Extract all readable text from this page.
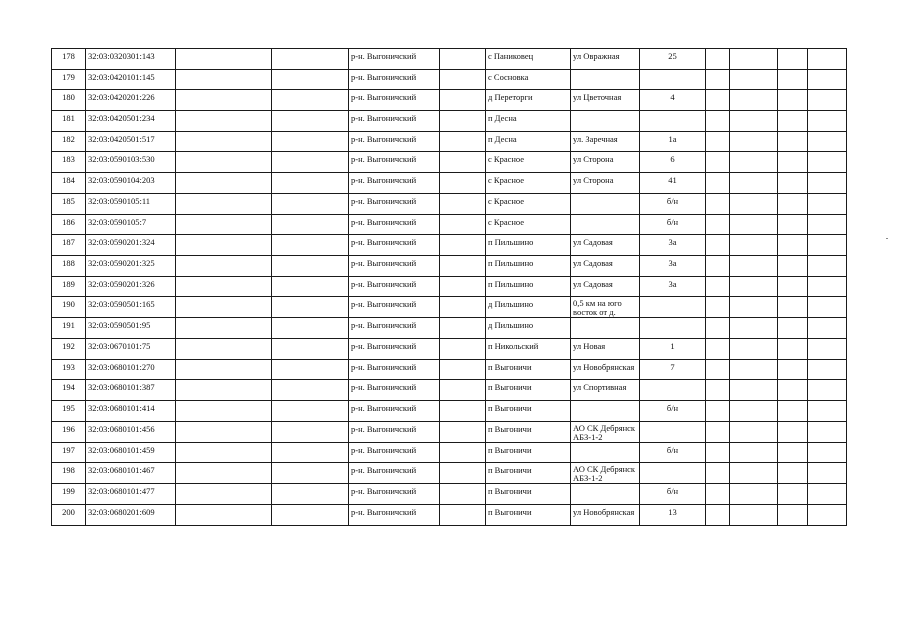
178	32:03:0320301:143			р-н. Выгоничский		с Паниковец	ул Овражная	25				
179	32:03:0420101:145			р-н. Выгоничский		с Сосновка						
180	32:03:0420201:226			р-н. Выгоничский		д Переторги	ул Цветочная	4				
181	32:03:0420501:234			р-н. Выгоничский		п Десна						
182	32:03:0420501:517			р-н. Выгоничский		п Десна	ул. Заречная	1а				
183	32:03:0590103:530			р-н. Выгоничский		с Красное	ул Сторона	6				
184	32:03:0590104:203			р-н. Выгоничский		с Красное	ул Сторона	41				
185	32:03:0590105:11			р-н. Выгоничский		с Красное		б/н				
186	32:03:0590105:7			р-н. Выгоничский		с Красное		б/н				
187	32:03:0590201:324			р-н. Выгоничский		п Пильшино	ул Садовая	3а				
188	32:03:0590201:325			р-н. Выгоничский		п Пильшино	ул Садовая	3а				
189	32:03:0590201:326			р-н. Выгоничский		п Пильшино	ул Садовая	3а				
190	32:03:0590501:165			р-н. Выгоничский		д Пильшино	0,5 км на юго восток от д.					
191	32:03:0590501:95			р-н. Выгоничский		д Пильшино						
192	32:03:0670101:75			р-н. Выгоничский		п Никольский	ул Новая	1				
193	32:03:0680101:270			р-н. Выгоничский		п Выгоничи	ул Новобрянская	7				
194	32:03:0680101:387			р-н. Выгоничский		п Выгоничи	ул Спортивная					
195	32:03:0680101:414			р-н. Выгоничский		п Выгоничи		б/н				
196	32:03:0680101:456			р-н. Выгоничский		п Выгоничи	АО СК Дебрянск АБЗ-1-2					
197	32:03:0680101:459			р-н. Выгоничский		п Выгоничи		б/н				
198	32:03:0680101:467			р-н. Выгоничский		п Выгоничи	АО СК Дебрянск АБЗ-1-2					
199	32:03:0680101:477			р-н. Выгоничский		п Выгоничи		б/н				
200	32:03:0680201:609			р-н. Выгоничский		п Выгоничи	ул Новобрянская	13				
